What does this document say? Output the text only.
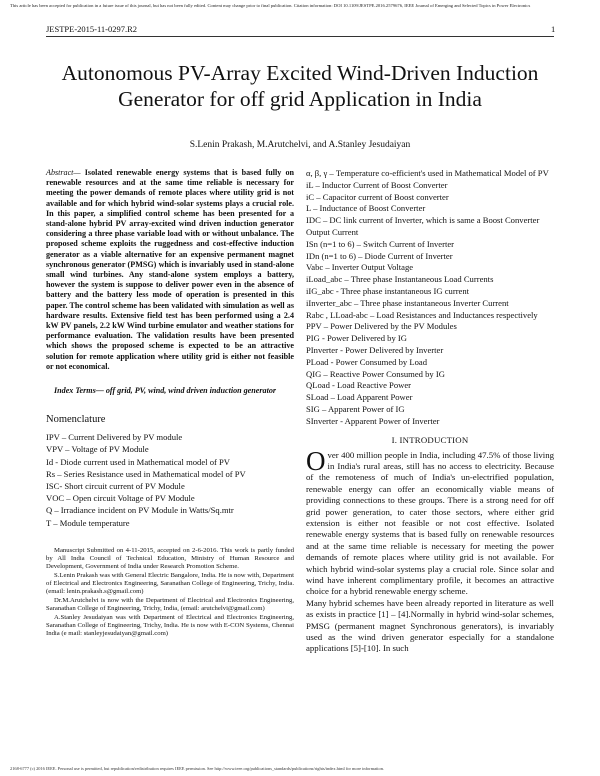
This article has been accepted for publication in a future issue of this journal, but has not been fully edited. Content may change prior to final publication. Citation information: DOI 10.1109/JESTPE.2016.2579676, IEEE Journal of Emerging and Selected Topics in Power Electronics
JESTPE-2015-11-0297.R2	1
Autonomous PV-Array Excited Wind-Driven Induction Generator for off grid Application in India
S.Lenin Prakash, M.Arutchelvi, and A.Stanley Jesudaiyan

Abstract— Isolated renewable energy systems that is based fully on renewable resources and at the same time reliable is necessary for meeting the power demands of remote places where utility grid is not available and for which hybrid wind-solar systems plays a crucial role. In this paper, a simplified control scheme has been presented for a stand-alone hybrid PV array-excited wind driven induction generator considering a three phase variable load with or without unbalance. The proposed scheme exploits the ruggedness and cost-effective induction generator as a viable alternative for an expensive permanent magnet synchronous generator (PMSG) which is invariably used in stand-alone small wind turbines. Any stand-alone system employs a battery, however the system is suppose to deliver power even in the absence of battery and the battery less mode of operation is presented in this paper. The control scheme has been validated with simulation as well as hardware results. Extensive field test has been performed using a 2.4 kW PV panels, 2.2 kW Wind turbine emulator and weather stations for performance evaluation. The validation results have been presented which shows the proposed scheme is expected to be an attractive solution for remote application where utility grid is either not feasible or not economical.

Index Terms— off grid, PV, wind, wind driven induction generator

Nomenclature
IPV – Current Delivered by PV module
VPV – Voltage of PV Module
Id - Diode current used in Mathematical model of PV
Rs – Series Resistance used in Mathematical model of PV
ISC- Short circuit current of PV Module
VOC – Open circuit Voltage of PV Module
Q – Irradiance incident on PV Module in Watts/Sq.mtr
T – Module temperature

Manuscript Submitted on 4-11-2015, accepted on 2-6-2016. This work is partly funded by All India Council of Technical Education, Ministry of Human Resource and Development, Government of India under Research Promotion Scheme.

S.Lenin Prakash was with General Electric Bangalore, India. He is now with, Department of Electrical and Electronics Engineering, Saranathan College of Engineering, Trichy, India. (email: lenin.prakash.s@gmail.com)

Dr.M.Arutchelvi is now with the Department of Electrical and Electronics Engineering, Saranathan College of Engineering, Trichy, India, (email: arutchelvi@gmail.com)

A.Stanley Jesudaiyan was with Department of Electrical and Electronics Engineering, Saranathan College of Engineering, Trichy, India. He is now with E-CON Systems, Chennai India (e mail: stanleyjesudaiyan@gmail.com)

α, β, γ – Temperature co-efficient's used in Mathematical Model of PV
iL – Inductor Current of Boost Converter
iC – Capacitor current of Boost converter
L – Inductance of Boost Converter
IDC – DC link current of Inverter, which is same a Boost Converter Output Current
ISn (n=1 to 6) – Switch Current of Inverter
IDn (n=1 to 6) – Diode Current of Inverter
Vabc – Inverter Output Voltage
iLoad_abc – Three phase Instantaneous Load Currents
iIG_abc - Three phase instantaneous IG current
iInverter_abc – Three phase instantaneous Inverter Current
Rabc , LLoad-abc – Load Resistances and Inductances respectively
PPV – Power Delivered by the PV Modules
PIG - Power Delivered by IG
PInverter - Power Delivered by Inverter
PLoad - Power Consumed by Load
QIG – Reactive Power Consumed by IG
QLoad - Load Reactive Power
SLoad – Load Apparent Power
SIG – Apparent Power of IG
SInverter - Apparent Power of Inverter
I. INTRODUCTION

Over 400 million people in India, including 47.5% of those living in India's rural areas, still has no access to electricity. Because of the remoteness of much of India's un-electrified population, renewable energy can offer an economically viable means of providing connections to these groups. There is a strong need for off grid power generation, to cater those sectors, where either grid extension is either not feasible or not cost effective. Isolated renewable energy systems that is based fully on renewable resources and at the same time reliable is necessary for meeting the power demands of remote places where utility grid is not available. For which hybrid wind-solar systems play a crucial role. Since solar and wind have inherent complimentary profile, it becomes an attractive choice for a hybrid renewable energy scheme.

Many hybrid schemes have been already reported in literature as well as exists in practice [1] – [4].Normally in hybrid wind-solar schemes, PMSG (permanent magnet Synchronous generators), is invariably used as the wind driven generator especially for a standalone applications [5]-[10]. In such

2168-6777 (c) 2016 IEEE. Personal use is permitted, but republication/redistribution requires IEEE permission. See http://www.ieee.org/publications_standards/publications/rights/index.html for more information.
